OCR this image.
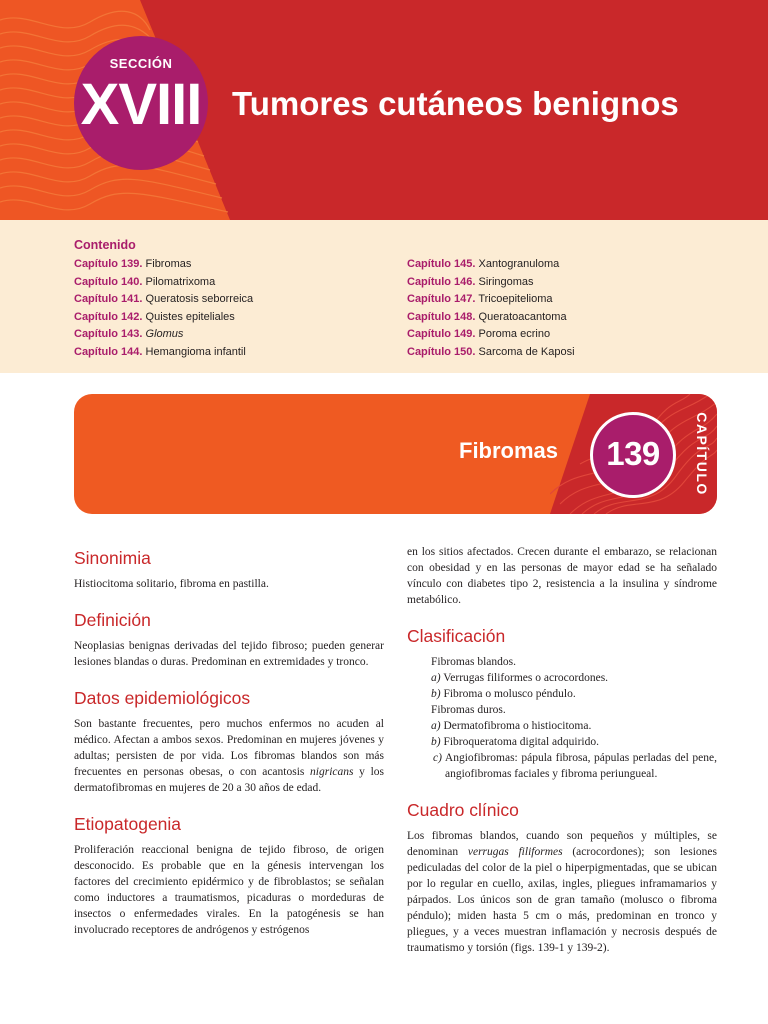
SECCIÓN
XVIII Tumores cutáneos benignos
Contenido
Capítulo 139. Fibromas
Capítulo 140. Pilomatrixoma
Capítulo 141. Queratosis seborreica
Capítulo 142. Quistes epiteliales
Capítulo 143. Glomus
Capítulo 144. Hemangioma infantil
Capítulo 145. Xantogranuloma
Capítulo 146. Siringomas
Capítulo 147. Tricoepitelioma
Capítulo 148. Queratoacantoma
Capítulo 149. Poroma ecrino
Capítulo 150. Sarcoma de Kaposi
Fibromas	139	CAPÍTULO
Sinonimia

Histiocitoma solitario, fibroma en pastilla.

Definición

Neoplasias benignas derivadas del tejido fibroso; pueden generar lesiones blandas o duras. Predominan en extremidades y tronco.

Datos epidemiológicos

Son bastante frecuentes, pero muchos enfermos no acuden al médico. Afectan a ambos sexos. Predominan en mujeres jóvenes y adultas; persisten de por vida. Los fibromas blandos son más frecuentes en personas obesas, o con acantosis nigricans y los dermatofibromas en mujeres de 20 a 30 años de edad.

Etiopatogenia

Proliferación reaccional benigna de tejido fibroso, de origen desconocido. Es probable que en la génesis intervengan los factores del crecimiento epidérmico y de fibroblastos; se señalan como inductores a traumatismos, picaduras o mordeduras de insectos o enfermedades virales. En la patogénesis se han involucrado receptores de andrógenos y estrógenos

en los sitios afectados. Crecen durante el embarazo, se relacionan con obesidad y en las personas de mayor edad se ha señalado vínculo con diabetes tipo 2, resistencia a la insulina y síndrome metabólico.

Clasificación
Fibromas blandos.
a) Verrugas filiformes o acrocordones.
b) Fibroma o molusco péndulo.
Fibromas duros.
a) Dermatofibroma o histiocitoma.
b) Fibroqueratoma digital adquirido.
c) Angiofibromas: pápula fibrosa, pápulas perladas del pene, angiofibromas faciales y fibroma periungueal.
Cuadro clínico

Los fibromas blandos, cuando son pequeños y múltiples, se denominan verrugas filiformes (acrocordones); son lesiones pediculadas del color de la piel o hiperpigmentadas, que se ubican por lo regular en cuello, axilas, ingles, pliegues inframamarios y párpados. Los únicos son de gran tamaño (molusco o fibroma péndulo); miden hasta 5 cm o más, predominan en tronco y pliegues, y a veces muestran inflamación y necrosis después de traumatismo y torsión (figs. 139-1 y 139-2).
